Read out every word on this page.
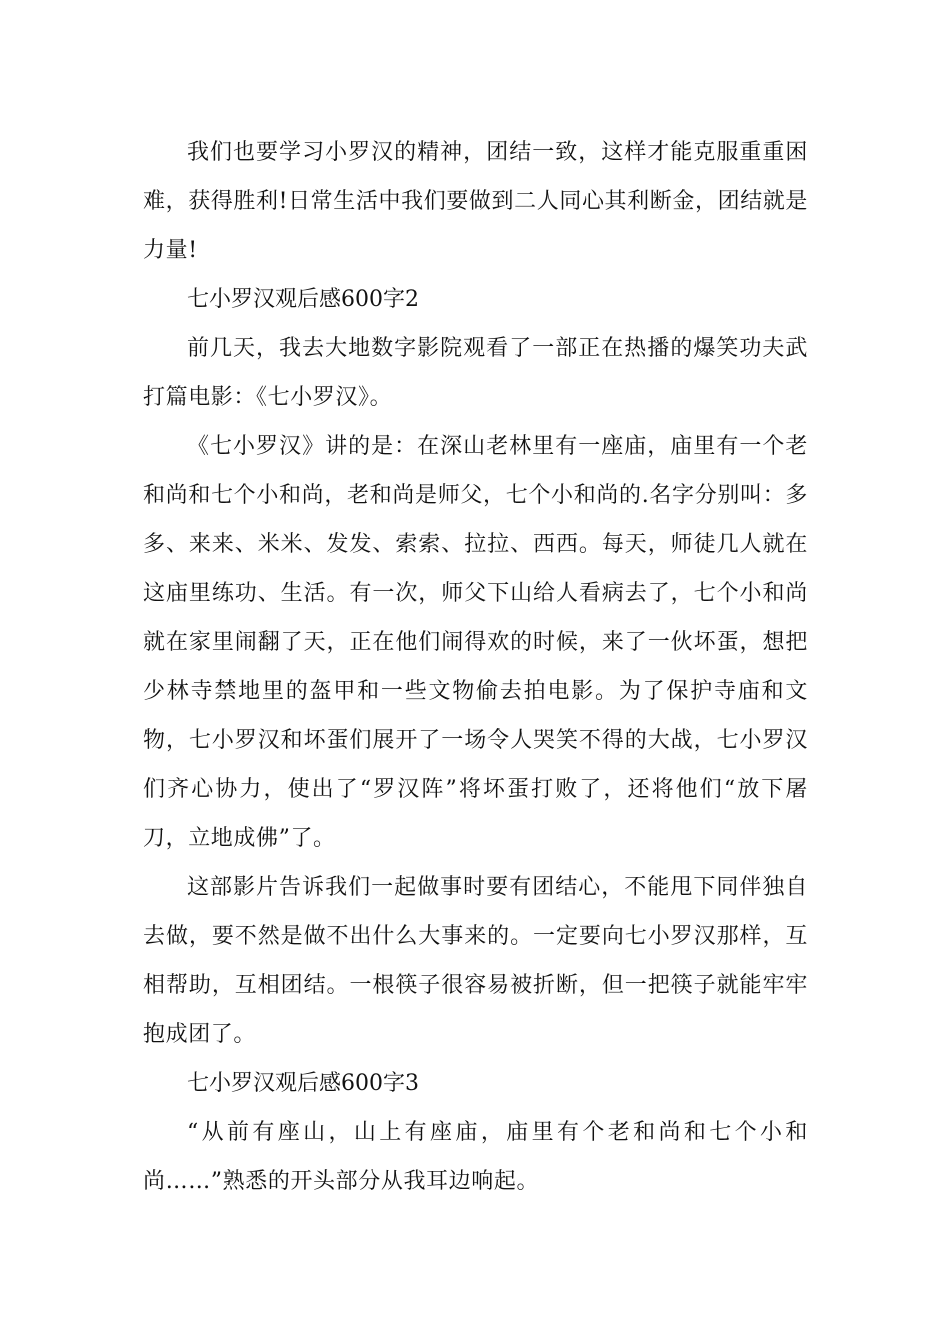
我们也要学习小罗汉的精神，团结一致，这样才能克服重重困难，获得胜利!日常生活中我们要做到二人同心其利断金，团结就是力量!

七小罗汉观后感600字2

前几天，我去大地数字影院观看了一部正在热播的爆笑功夫武打篇电影：《七小罗汉》。

《七小罗汉》讲的是：在深山老林里有一座庙，庙里有一个老和尚和七个小和尚，老和尚是师父，七个小和尚的.名字分别叫：多多、来来、米米、发发、索索、拉拉、西西。每天，师徒几人就在这庙里练功、生活。有一次，师父下山给人看病去了，七个小和尚就在家里闹翻了天，正在他们闹得欢的时候，来了一伙坏蛋，想把少林寺禁地里的盔甲和一些文物偷去拍电影。为了保护寺庙和文物，七小罗汉和坏蛋们展开了一场令人哭笑不得的大战，七小罗汉们齐心协力，使出了“罗汉阵”将坏蛋打败了，还将他们“放下屠刀，立地成佛”了。

这部影片告诉我们一起做事时要有团结心，不能甩下同伴独自去做，要不然是做不出什么大事来的。一定要向七小罗汉那样，互相帮助，互相团结。一根筷子很容易被折断，但一把筷子就能牢牢抱成团了。

七小罗汉观后感600字3

“从前有座山，山上有座庙，庙里有个老和尚和七个小和尚……”熟悉的开头部分从我耳边响起。
